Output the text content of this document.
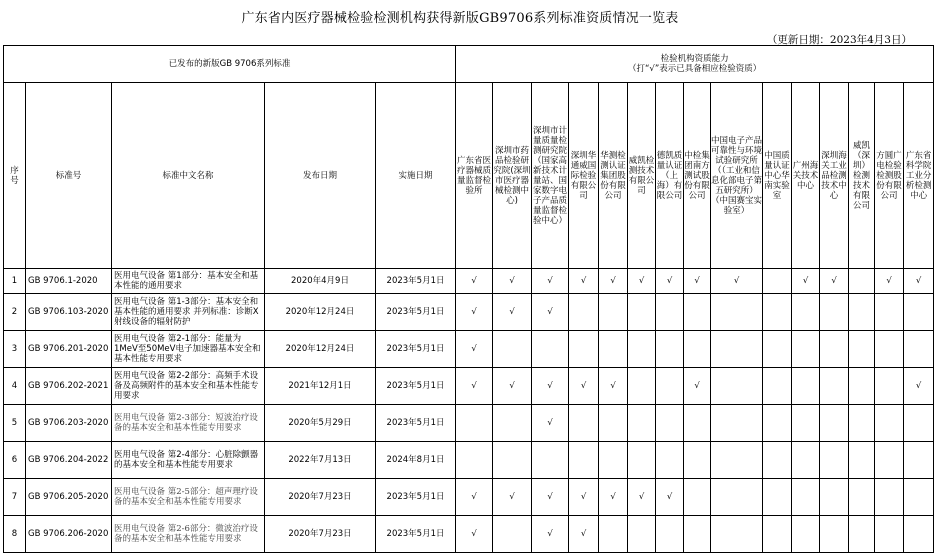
广东省内医疗器械检验检测机构获得新版GB9706系列标准资质情况一览表
（更新日期：2023年4月3日）
已发布的新版GB 9706系列标准					检验机构资质能力
（打“√”表示已具备相应检验资质）														

序号	标准号	标准中文名称	发布日期	实施日期	广东省医疗器械质量监督检验所	深圳市药品检验研究院(深圳市医疗器械检测中心)	深圳市计量质量检测研究院（国家高新技术计量站、国家数字电子产品质量监督检验中心）	深圳华通威国际检验有限公司	华测检测认证集团股份有限公司	威凯检测技术有限公司	德凯质量认证（上海）有限公司	中检集团南方测试股份有限公司	中国电子产品可靠性与环境试验研究所（（工业和信息化部电子第五研究所）（中国赛宝实验室）	中国质量认证中心华南实验室	广州海关技术中心	深圳海关工业品检测技术中心	威凯（深圳）检测技术有限公司	方圆广电检验检测股份有限公司	广东省科学院工业分析检测中心
1	GB 9706.1-2020	医用电气设备 第1部分：基本安全和基本性能的通用要求	2020年4月9日	2023年5月1日	√	√	√	√	√	√	√	√	√		√	√		√	√
2	GB 9706.103-2020	医用电气设备 第1-3部分：基本安全和基本性能的通用要求 并列标准：诊断X射线设备的辐射防护	2020年12月24日	2023年5月1日	√	√	√												
3	GB 9706.201-2020	医用电气设备 第2-1部分：能量为1MeV至50MeV电子加速器基本安全和基本性能专用要求	2020年12月24日	2023年5月1日	√														
4	GB 9706.202-2021	医用电气设备 第2-2部分：高频手术设备及高频附件的基本安全和基本性能专用要求	2021年12月1日	2023年5月1日	√	√	√	√	√			√							√
5	GB 9706.203-2020	医用电气设备 第2-3部分：短波治疗设备的基本安全和基本性能专用要求	2020年5月29日	2023年5月1日			√												
6	GB 9706.204-2022	医用电气设备 第2-4部分：心脏除颤器的基本安全和基本性能专用要求	2022年7月13日	2024年8月1日															
7	GB 9706.205-2020	医用电气设备 第2-5部分：超声理疗设备的基本安全和基本性能专用要求	2020年7月23日	2023年5月1日	√	√	√	√	√	√	√								
8	GB 9706.206-2020	医用电气设备 第2-6部分：微波治疗设备的基本安全和基本性能专用要求	2020年7月23日	2023年5月1日	√		√	√											
